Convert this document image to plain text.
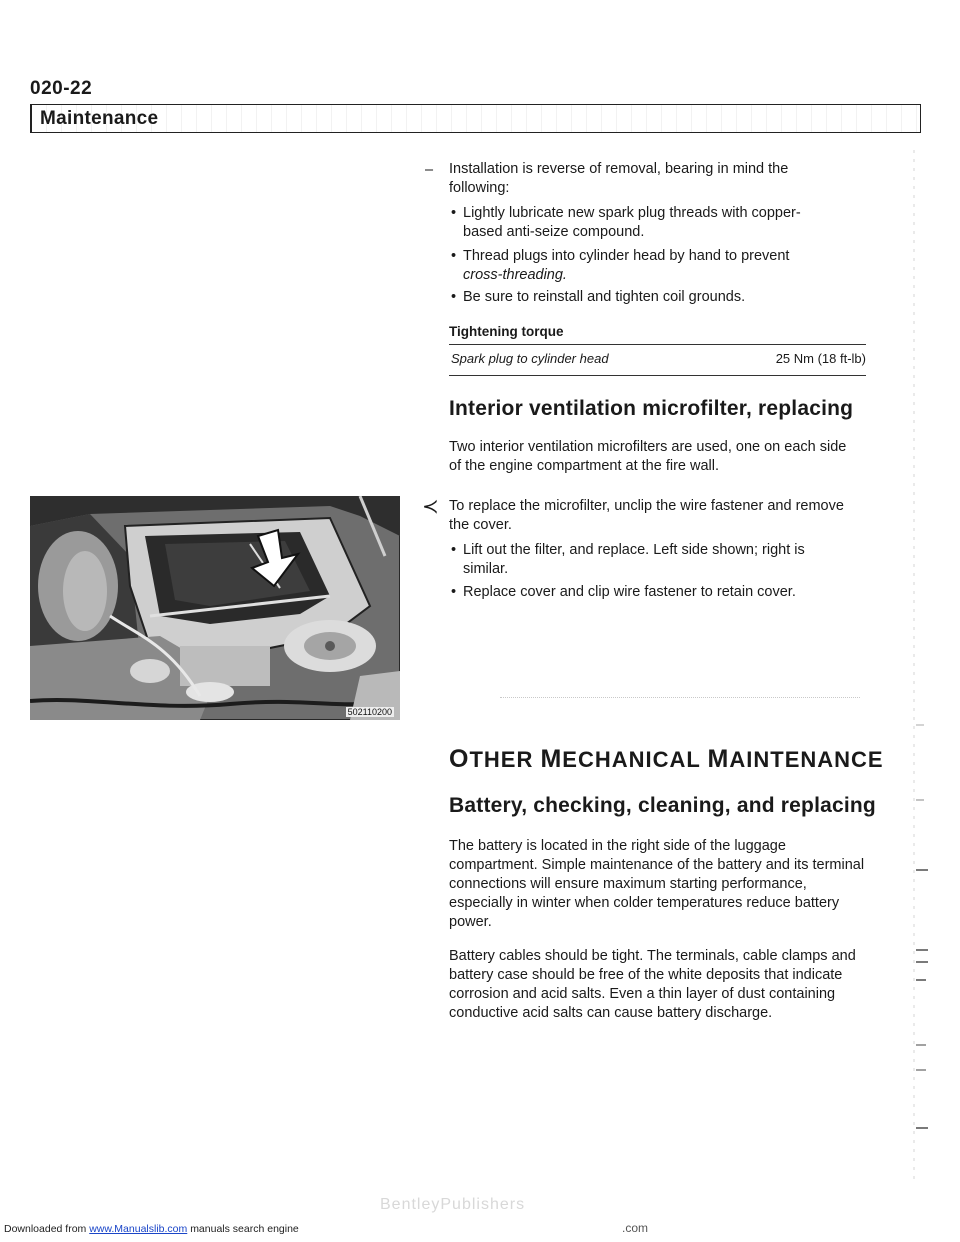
020-22
Maintenance
– Installation is reverse of removal, bearing in mind the following:
• Lightly lubricate new spark plug threads with copper-based anti-seize compound.
• Thread plugs into cylinder head by hand to prevent
cross-threading.
• Be sure to reinstall and tighten coil grounds.
Tightening torque
Spark plug to cylinder head	25 Nm (18 ft-lb)
Interior ventilation microfilter, replacing
Two interior ventilation microfilters are used, one on each side of the engine compartment at the fire wall.
502110200
≺ To replace the microfilter, unclip the wire fastener and remove the cover.
• Lift out the filter, and replace. Left side shown; right is similar.
• Replace cover and clip wire fastener to retain cover.
OTHER MECHANICAL MAINTENANCE
Battery, checking, cleaning, and replacing
The battery is located in the right side of the luggage compartment. Simple maintenance of the battery and its terminal connections will ensure maximum starting performance, especially in winter when colder temperatures reduce battery power.
Battery cables should be tight. The terminals, cable clamps and battery case should be free of the white deposits that indicate corrosion and acid salts. Even a thin layer of dust containing conductive acid salts can cause battery discharge.
BentleyPublishers
.com
Downloaded from www.Manualslib.com manuals search engine
